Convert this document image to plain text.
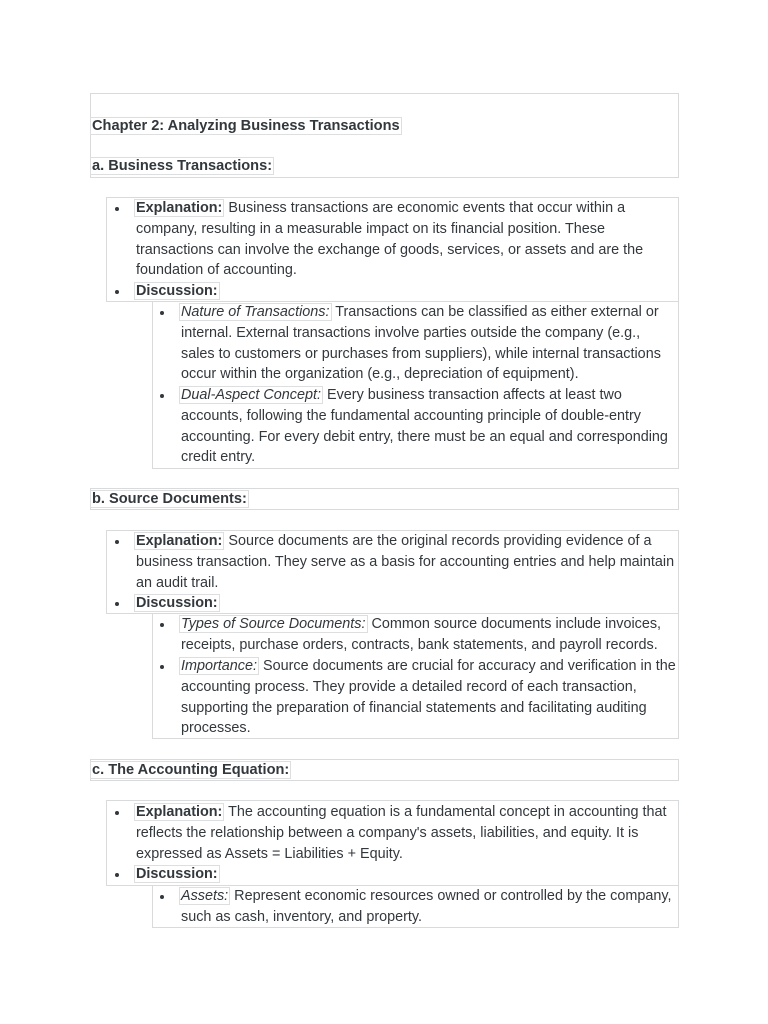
Chapter 2: Analyzing Business Transactions
a. Business Transactions:
Explanation: Business transactions are economic events that occur within a company, resulting in a measurable impact on its financial position. These transactions can involve the exchange of goods, services, or assets and are the foundation of accounting.
Discussion:
Nature of Transactions: Transactions can be classified as either external or internal. External transactions involve parties outside the company (e.g., sales to customers or purchases from suppliers), while internal transactions occur within the organization (e.g., depreciation of equipment).
Dual-Aspect Concept: Every business transaction affects at least two accounts, following the fundamental accounting principle of double-entry accounting. For every debit entry, there must be an equal and corresponding credit entry.
b. Source Documents:
Explanation: Source documents are the original records providing evidence of a business transaction. They serve as a basis for accounting entries and help maintain an audit trail.
Discussion:
Types of Source Documents: Common source documents include invoices, receipts, purchase orders, contracts, bank statements, and payroll records.
Importance: Source documents are crucial for accuracy and verification in the accounting process. They provide a detailed record of each transaction, supporting the preparation of financial statements and facilitating auditing processes.
c. The Accounting Equation:
Explanation: The accounting equation is a fundamental concept in accounting that reflects the relationship between a company's assets, liabilities, and equity. It is expressed as Assets = Liabilities + Equity.
Discussion:
Assets: Represent economic resources owned or controlled by the company, such as cash, inventory, and property.
